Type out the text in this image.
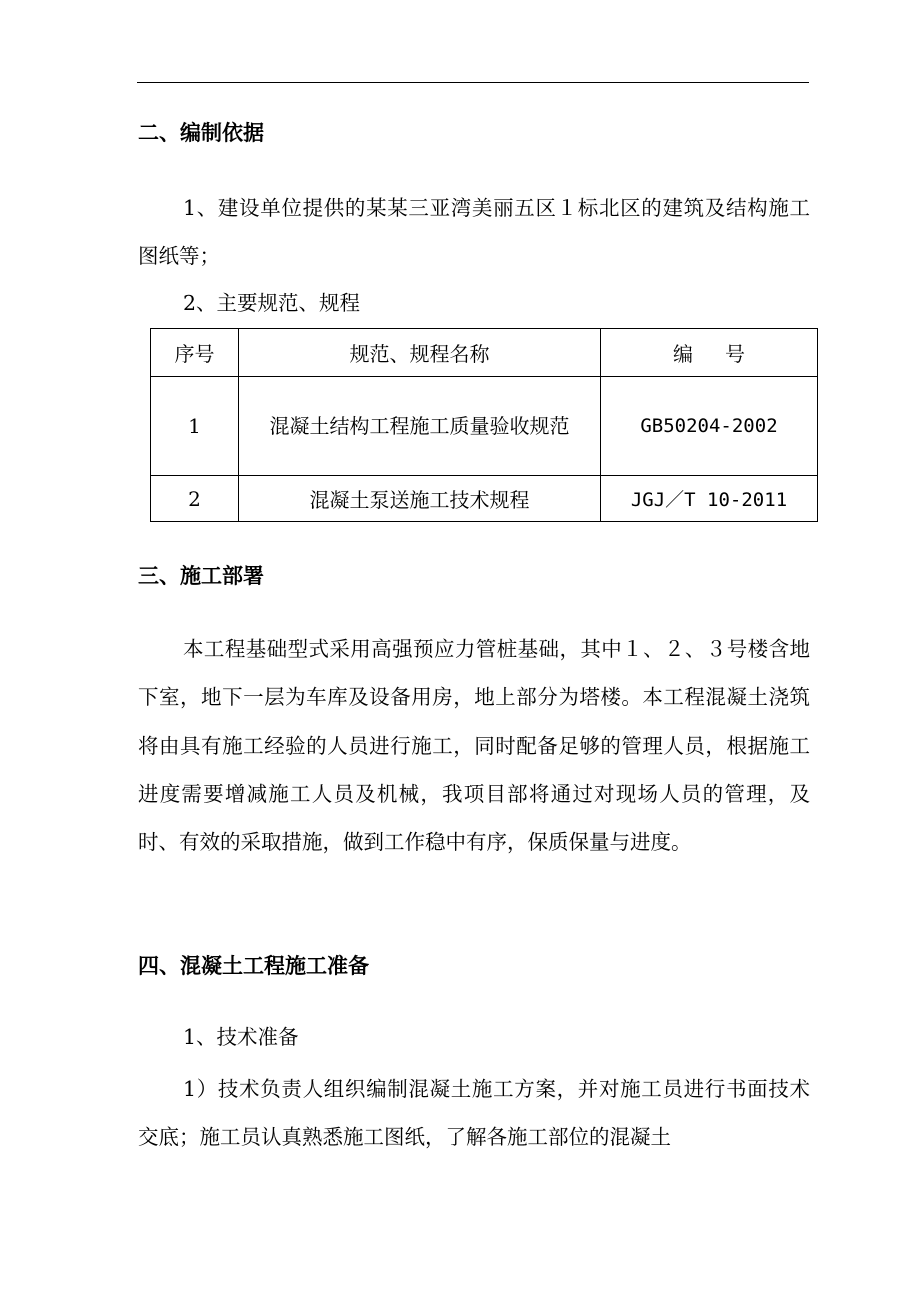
二、编制依据
1、建设单位提供的某某三亚湾美丽五区１标北区的建筑及结构施工图纸等；
2、主要规范、规程
序号	规范、规程名称	编号
1	混凝土结构工程施工质量验收规范	GB50204-2002
2	混凝土泵送施工技术规程	JGJ／T 10-2011
三、施工部署
本工程基础型式采用高强预应力管桩基础，其中１、２、３号楼含地下室，地下一层为车库及设备用房，地上部分为塔楼。本工程混凝土浇筑将由具有施工经验的人员进行施工，同时配备足够的管理人员，根据施工进度需要增减施工人员及机械，我项目部将通过对现场人员的管理，及时、有效的采取措施，做到工作稳中有序，保质保量与进度。
四、混凝土工程施工准备
1、技术准备
1）技术负责人组织编制混凝土施工方案，并对施工员进行书面技术交底；施工员认真熟悉施工图纸，了解各施工部位的混凝土
